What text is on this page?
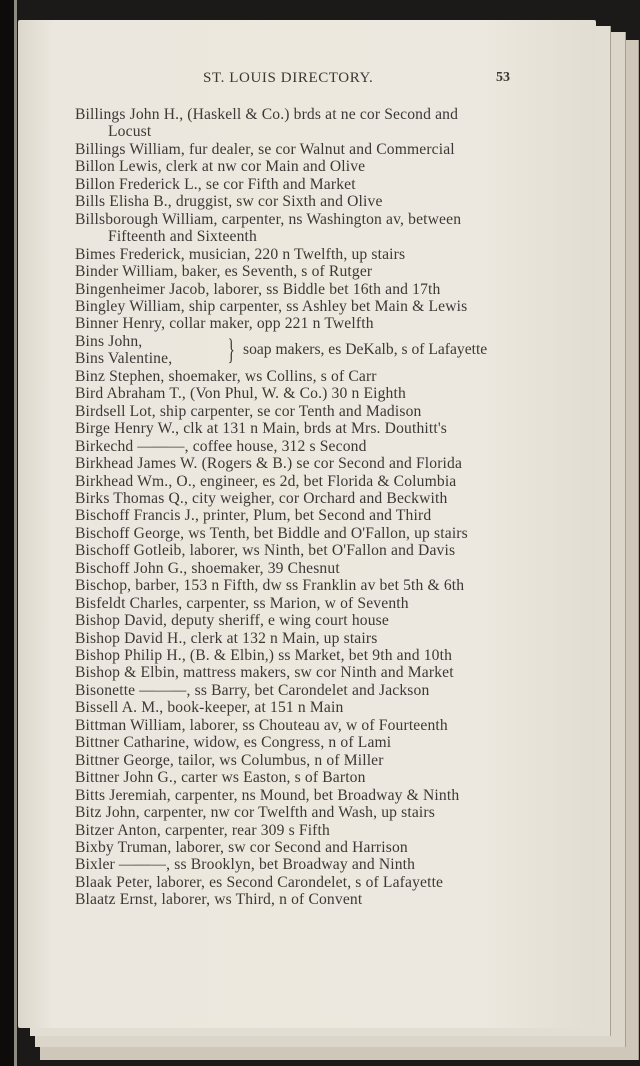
ST. LOUIS DIRECTORY.	53
Billings John H., (Haskell & Co.) brds at ne cor Second and
Locust
Billings William, fur dealer, se cor Walnut and Commercial
Billon Lewis, clerk at nw cor Main and Olive
Billon Frederick L., se cor Fifth and Market
Bills Elisha B., druggist, sw cor Sixth and Olive
Billsborough William, carpenter, ns Washington av, between
Fifteenth and Sixteenth
Bimes Frederick, musician, 220 n Twelfth, up stairs
Binder William, baker, es Seventh, s of Rutger
Bingenheimer Jacob, laborer, ss Biddle bet 16th and 17th
Bingley William, ship carpenter, ss Ashley bet Main & Lewis
Binner Henry, collar maker, opp 221 n Twelfth
Bins John,
Bins Valentine, } soap makers, es DeKalb, s of Lafayette
Binz Stephen, shoemaker, ws Collins, s of Carr
Bird Abraham T., (Von Phul, W. & Co.) 30 n Eighth
Birdsell Lot, ship carpenter, se cor Tenth and Madison
Birge Henry W., clk at 131 n Main, brds at Mrs. Douthitt's
Birkechd ———, coffee house, 312 s Second
Birkhead James W. (Rogers & B.) se cor Second and Florida
Birkhead Wm., O., engineer, es 2d, bet Florida & Columbia
Birks Thomas Q., city weigher, cor Orchard and Beckwith
Bischoff Francis J., printer, Plum, bet Second and Third
Bischoff George, ws Tenth, bet Biddle and O'Fallon, up stairs
Bischoff Gotleib, laborer, ws Ninth, bet O'Fallon and Davis
Bischoff John G., shoemaker, 39 Chesnut
Bischop, barber, 153 n Fifth, dw ss Franklin av bet 5th & 6th
Bisfeldt Charles, carpenter, ss Marion, w of Seventh
Bishop David, deputy sheriff, e wing court house
Bishop David H., clerk at 132 n Main, up stairs
Bishop Philip H., (B. & Elbin,) ss Market, bet 9th and 10th
Bishop & Elbin, mattress makers, sw cor Ninth and Market
Bisonette ———, ss Barry, bet Carondelet and Jackson
Bissell A. M., book-keeper, at 151 n Main
Bittman William, laborer, ss Chouteau av, w of Fourteenth
Bittner Catharine, widow, es Congress, n of Lami
Bittner George, tailor, ws Columbus, n of Miller
Bittner John G., carter ws Easton, s of Barton
Bitts Jeremiah, carpenter, ns Mound, bet Broadway & Ninth
Bitz John, carpenter, nw cor Twelfth and Wash, up stairs
Bitzer Anton, carpenter, rear 309 s Fifth
Bixby Truman, laborer, sw cor Second and Harrison
Bixler ———, ss Brooklyn, bet Broadway and Ninth
Blaak Peter, laborer, es Second Carondelet, s of Lafayette
Blaatz Ernst, laborer, ws Third, n of Convent
